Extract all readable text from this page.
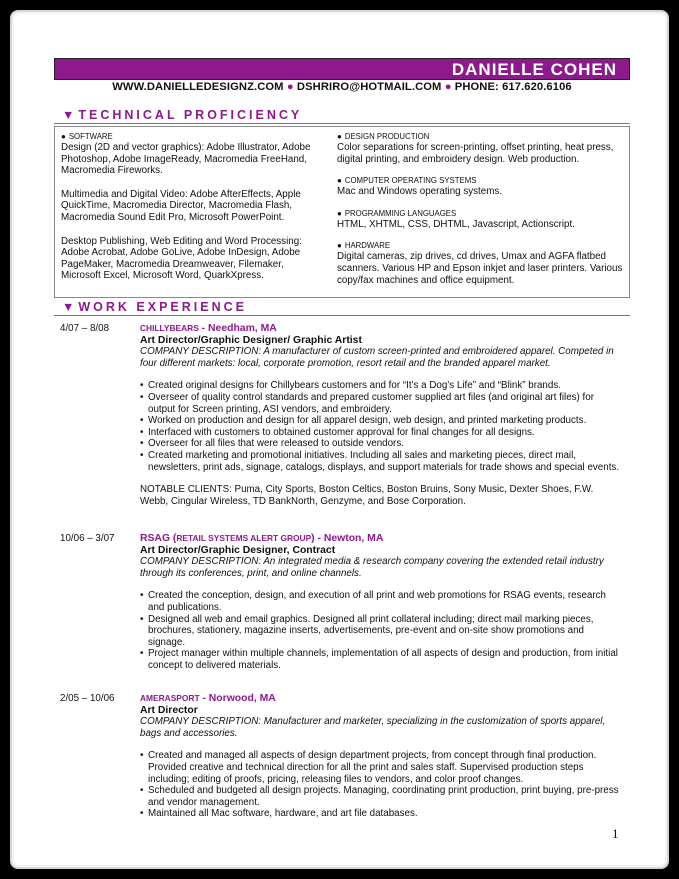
DANIELLE COHEN
WWW.DANIELLEDESIGNZ.COM ● DSHRIRO@HOTMAIL.COM ● PHONE: 617.620.6106
▼ TECHNICAL PROFICIENCY
● SOFTWARE
Design (2D and vector graphics): Adobe Illustrator, Adobe Photoshop, Adobe ImageReady, Macromedia FreeHand, Macromedia Fireworks.
Multimedia and Digital Video: Adobe AfterEffects, Apple QuickTime, Macromedia Director, Macromedia Flash, Macromedia Sound Edit Pro, Microsoft PowerPoint.
Desktop Publishing, Web Editing and Word Processing: Adobe Acrobat, Adobe GoLive, Adobe InDesign, Adobe PageMaker, Macromedia Dreamweaver, Filemaker, Microsoft Excel, Microsoft Word, QuarkXpress.
● DESIGN PRODUCTION
Color separations for screen-printing, offset printing, heat press, digital printing, and embroidery design. Web production.
● COMPUTER OPERATING SYSTEMS
Mac and Windows operating systems.
● PROGRAMMING LANGUAGES
HTML, XHTML, CSS, DHTML, Javascript, Actionscript.
● HARDWARE
Digital cameras, zip drives, cd drives, Umax and AGFA flatbed scanners. Various HP and Epson inkjet and laser printers. Various copy/fax machines and office equipment.
▼ WORK EXPERIENCE
4/07 – 8/08	CHILLYBEARS - Needham, MA
Art Director/Graphic Designer/ Graphic Artist
COMPANY DESCRIPTION: A manufacturer of custom screen-printed and embroidered apparel. Competed in four different markets: local, corporate promotion, resort retail and the branded apparel market.
• Created original designs for Chillybears customers and for “It’s a Dog’s Life” and “Blink” brands.
• Overseer of quality control standards and prepared customer supplied art files (and original art files) for output for Screen printing, ASI vendors, and embroidery.
• Worked on production and design for all apparel design, web design, and printed marketing products.
• Interfaced with customers to obtained customer approval for final changes for all designs.
• Overseer for all files that were released to outside vendors.
• Created marketing and promotional initiatives. Including all sales and marketing pieces, direct mail, newsletters, print ads, signage, catalogs, displays, and support materials for trade shows and special events.
NOTABLE CLIENTS: Puma, City Sports, Boston Celtics, Boston Bruins, Sony Music, Dexter Shoes, F.W. Webb, Cingular Wireless, TD BankNorth, Genzyme, and Bose Corporation.
10/06 – 3/07	RSAG (RETAIL SYSTEMS ALERT GROUP) - Newton, MA
Art Director/Graphic Designer, Contract
COMPANY DESCRIPTION: An integrated media & research company covering the extended retail industry through its conferences, print, and online channels.
• Created the conception, design, and execution of all print and web promotions for RSAG events, research and publications.
• Designed all web and email graphics. Designed all print collateral including; direct mail marking pieces, brochures, stationery, magazine inserts, advertisements, pre-event and on-site show promotions and signage.
• Project manager within multiple channels, implementation of all aspects of design and production, from initial concept to delivered materials.
2/05 – 10/06	AMERASPORT - Norwood, MA
Art Director
COMPANY DESCRIPTION: Manufacturer and marketer, specializing in the customization of sports apparel, bags and accessories.
• Created and managed all aspects of design department projects, from concept through final production. Provided creative and technical direction for all the print and sales staff. Supervised production steps including; editing of proofs, pricing, releasing files to vendors, and color proof changes.
• Scheduled and budgeted all design projects. Managing, coordinating print production, print buying, pre-press and vendor management.
• Maintained all Mac software, hardware, and art file databases.
1
